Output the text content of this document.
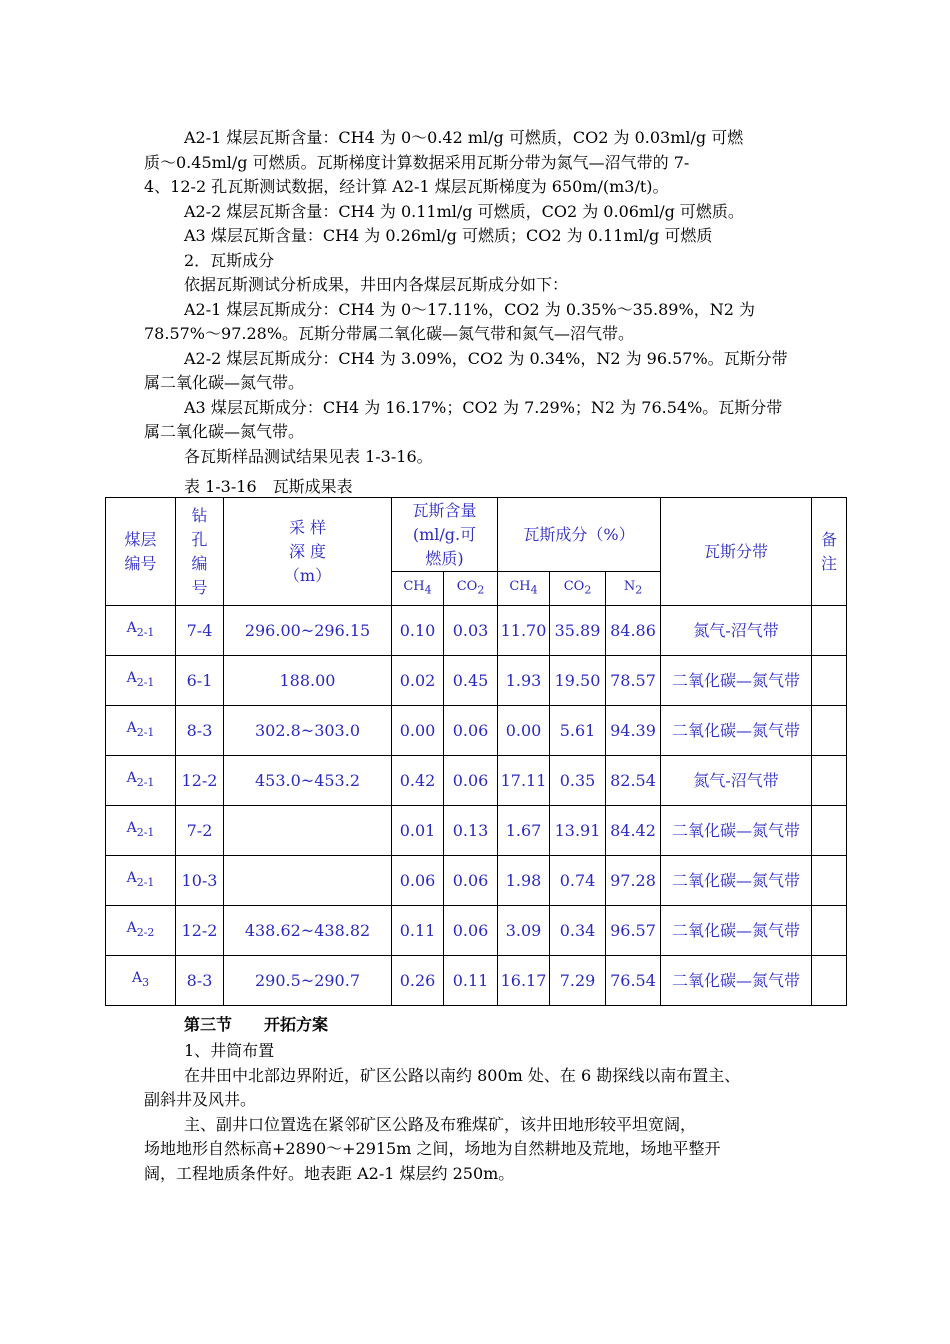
A2-1 煤层瓦斯含量：CH4 为 0～0.42 ml/g 可燃质，CO2 为 0.03ml/g 可燃
质～0.45ml/g 可燃质。瓦斯梯度计算数据采用瓦斯分带为氮气—沼气带的 7-
4、12-2 孔瓦斯测试数据，经计算 A2-1 煤层瓦斯梯度为 650m/(m3/t)。
A2-2 煤层瓦斯含量：CH4 为 0.11ml/g 可燃质，CO2 为 0.06ml/g 可燃质。
A3 煤层瓦斯含量：CH4 为 0.26ml/g 可燃质；CO2 为 0.11ml/g 可燃质
2．瓦斯成分
依据瓦斯测试分析成果，井田内各煤层瓦斯成分如下：
A2-1 煤层瓦斯成分：CH4 为 0～17.11%，CO2 为 0.35%～35.89%，N2 为
78.57%～97.28%。瓦斯分带属二氧化碳—氮气带和氮气—沼气带。
A2-2 煤层瓦斯成分：CH4 为 3.09%，CO2 为 0.34%，N2 为 96.57%。瓦斯分带
属二氧化碳—氮气带。
A3 煤层瓦斯成分：CH4 为 16.17%；CO2 为 7.29%；N2 为 76.54%。瓦斯分带
属二氧化碳—氮气带。
各瓦斯样品测试结果见表 1-3-16。
表 1-3-16　瓦斯成果表
煤层
编号	钻
孔
编
号	采 样
深 度
（m）	瓦斯含量
(ml/g.可
燃质)		瓦斯成分（%）			瓦斯分带	备
注
			$CH_4$	$CO_2$	$CH_4$	$CO_2$	$N_2$
$A_{2-1}$	7-4	296.00~296.15	0.10	0.03	11.70	35.89	84.86	氮气-沼气带	
$A_{2-1}$	6-1	188.00	0.02	0.45	1.93	19.50	78.57	二氧化碳—氮气带	
$A_{2-1}$	8-3	302.8~303.0	0.00	0.06	0.00	5.61	94.39	二氧化碳—氮气带	
$A_{2-1}$	12-2	453.0~453.2	0.42	0.06	17.11	0.35	82.54	氮气-沼气带	
$A_{2-1}$	7-2		0.01	0.13	1.67	13.91	84.42	二氧化碳—氮气带	
$A_{2-1}$	10-3		0.06	0.06	1.98	0.74	97.28	二氧化碳—氮气带	
$A_{2-2}$	12-2	438.62~438.82	0.11	0.06	3.09	0.34	96.57	二氧化碳—氮气带	
$A_3$	8-3	290.5~290.7	0.26	0.11	16.17	7.29	76.54	二氧化碳—氮气带	
第三节　　开拓方案
1、井筒布置
在井田中北部边界附近，矿区公路以南约 800m 处、在 6 勘探线以南布置主、
副斜井及风井。
主、副井口位置选在紧邻矿区公路及布雅煤矿，该井田地形较平坦宽阔，
场地地形自然标高+2890～+2915m 之间，场地为自然耕地及荒地，场地平整开
阔，工程地质条件好。地表距 A2-1 煤层约 250m。
